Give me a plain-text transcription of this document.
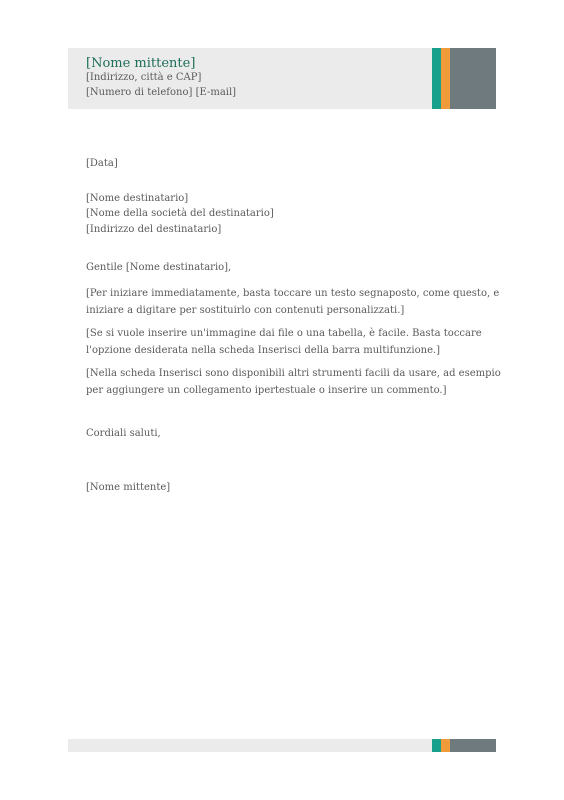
[Nome mittente]
[Indirizzo, città e CAP]
[Numero di telefono] [E-mail]
[Data]
[Nome destinatario]
[Nome della società del destinatario]
[Indirizzo del destinatario]
Gentile [Nome destinatario],
[Per iniziare immediatamente, basta toccare un testo segnaposto, come questo, e iniziare a digitare per sostituirlo con contenuti personalizzati.]
[Se si vuole inserire un'immagine dai file o una tabella, è facile. Basta toccare l'opzione desiderata nella scheda Inserisci della barra multifunzione.]
[Nella scheda Inserisci sono disponibili altri strumenti facili da usare, ad esempio per aggiungere un collegamento ipertestuale o inserire un commento.]
Cordiali saluti,
[Nome mittente]
